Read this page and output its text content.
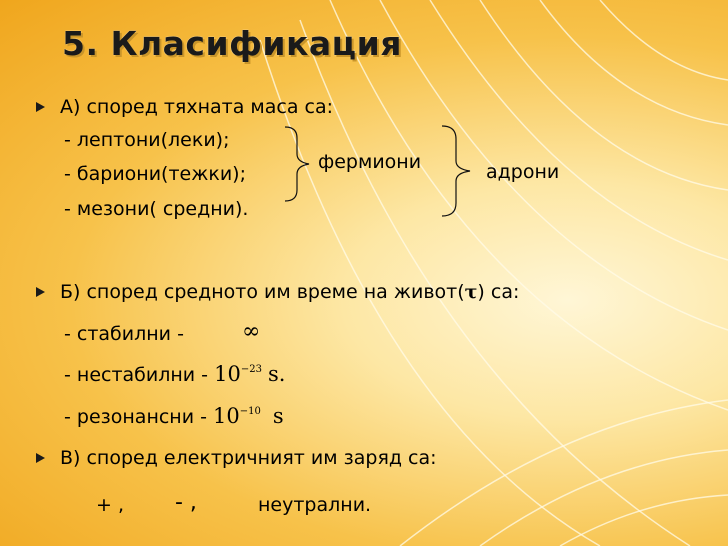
5. Класификация
А) според тяхната маса са:
- лептони(леки);
- бариони(тежки);
- мезони( средни).
фермиони	адрони
Б) според средното им време на живот(τ) са:
- стабилни -	∞
- нестабилни - $10^{-23}$ s.
- резонансни - $10^{-10}$ s
В) според електричният им заряд са:
+ , - ,	неутрални.
